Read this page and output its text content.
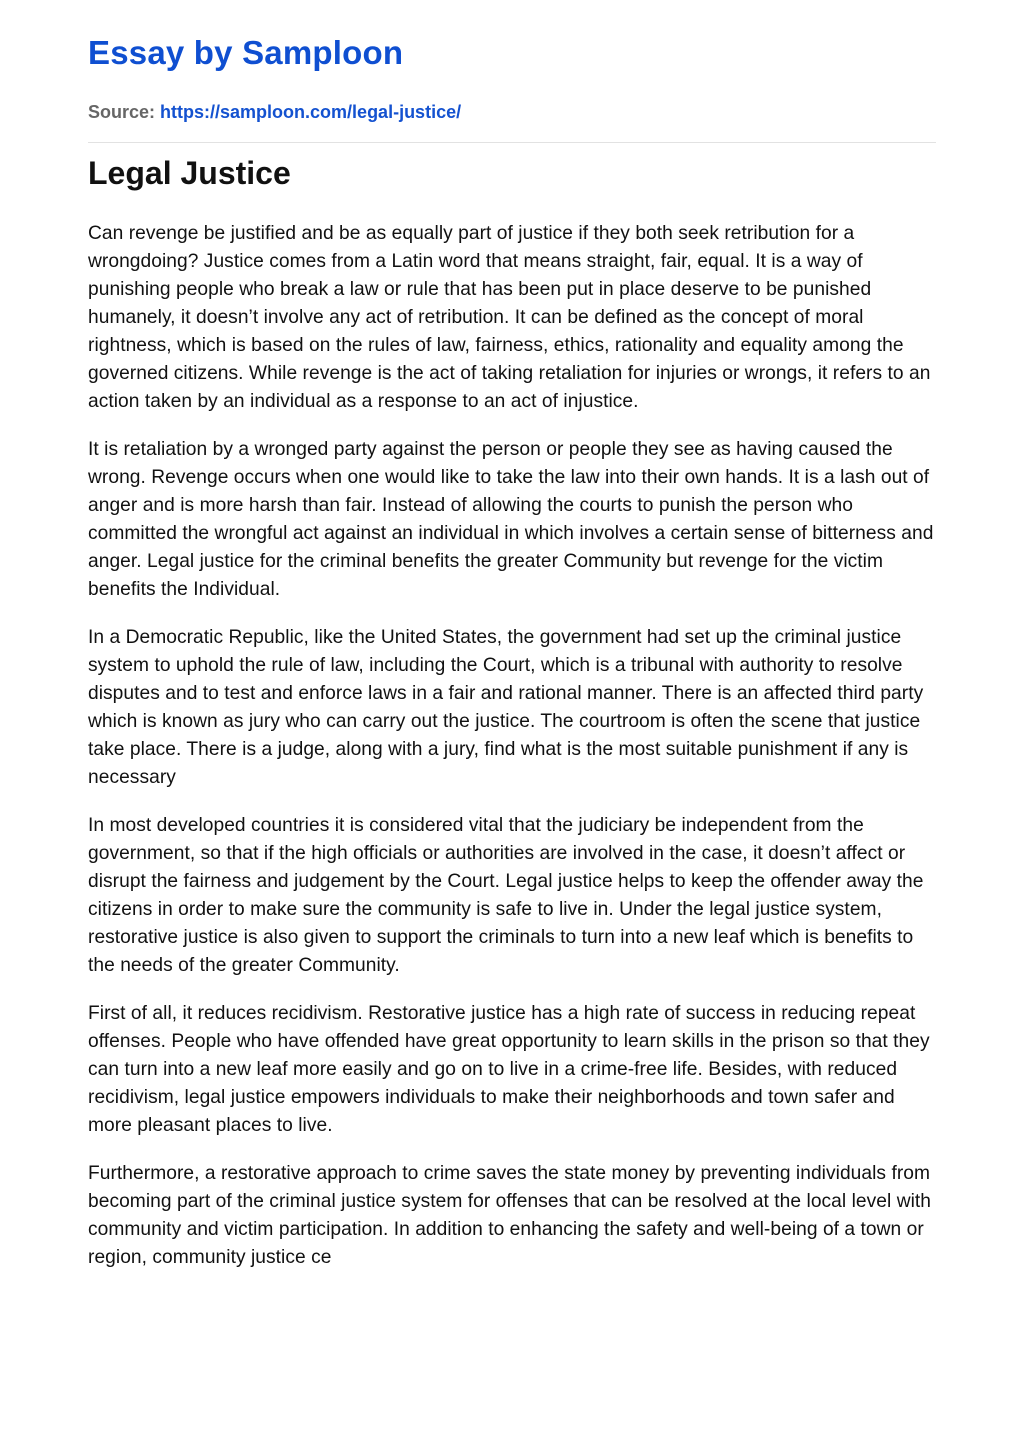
Essay by Samploon
Source: https://samploon.com/legal-justice/
Legal Justice

Can revenge be justified and be as equally part of justice if they both seek retribution for a wrongdoing? Justice comes from a Latin word that means straight, fair, equal. It is a way of punishing people who break a law or rule that has been put in place deserve to be punished humanely, it doesn’t involve any act of retribution. It can be defined as the concept of moral rightness, which is based on the rules of law, fairness, ethics, rationality and equality among the governed citizens. While revenge is the act of taking retaliation for injuries or wrongs, it refers to an action taken by an individual as a response to an act of injustice.

It is retaliation by a wronged party against the person or people they see as having caused the wrong. Revenge occurs when one would like to take the law into their own hands. It is a lash out of anger and is more harsh than fair. Instead of allowing the courts to punish the person who committed the wrongful act against an individual in which involves a certain sense of bitterness and anger. Legal justice for the criminal benefits the greater Community but revenge for the victim benefits the Individual.

In a Democratic Republic, like the United States, the government had set up the criminal justice system to uphold the rule of law, including the Court, which is a tribunal with authority to resolve disputes and to test and enforce laws in a fair and rational manner. There is an affected third party which is known as jury who can carry out the justice. The courtroom is often the scene that justice take place. There is a judge, along with a jury, find what is the most suitable punishment if any is necessary

In most developed countries it is considered vital that the judiciary be independent from the government, so that if the high officials or authorities are involved in the case, it doesn’t affect or disrupt the fairness and judgement by the Court. Legal justice helps to keep the offender away the citizens in order to make sure the community is safe to live in. Under the legal justice system, restorative justice is also given to support the criminals to turn into a new leaf which is benefits to the needs of the greater Community.

First of all, it reduces recidivism. Restorative justice has a high rate of success in reducing repeat offenses. People who have offended have great opportunity to learn skills in the prison so that they can turn into a new leaf more easily and go on to live in a crime-free life. Besides, with reduced recidivism, legal justice empowers individuals to make their neighborhoods and town safer and more pleasant places to live.

Furthermore, a restorative approach to crime saves the state money by preventing individuals from becoming part of the criminal justice system for offenses that can be resolved at the local level with community and victim participation. In addition to enhancing the safety and well-being of a town or region, community justice ce
